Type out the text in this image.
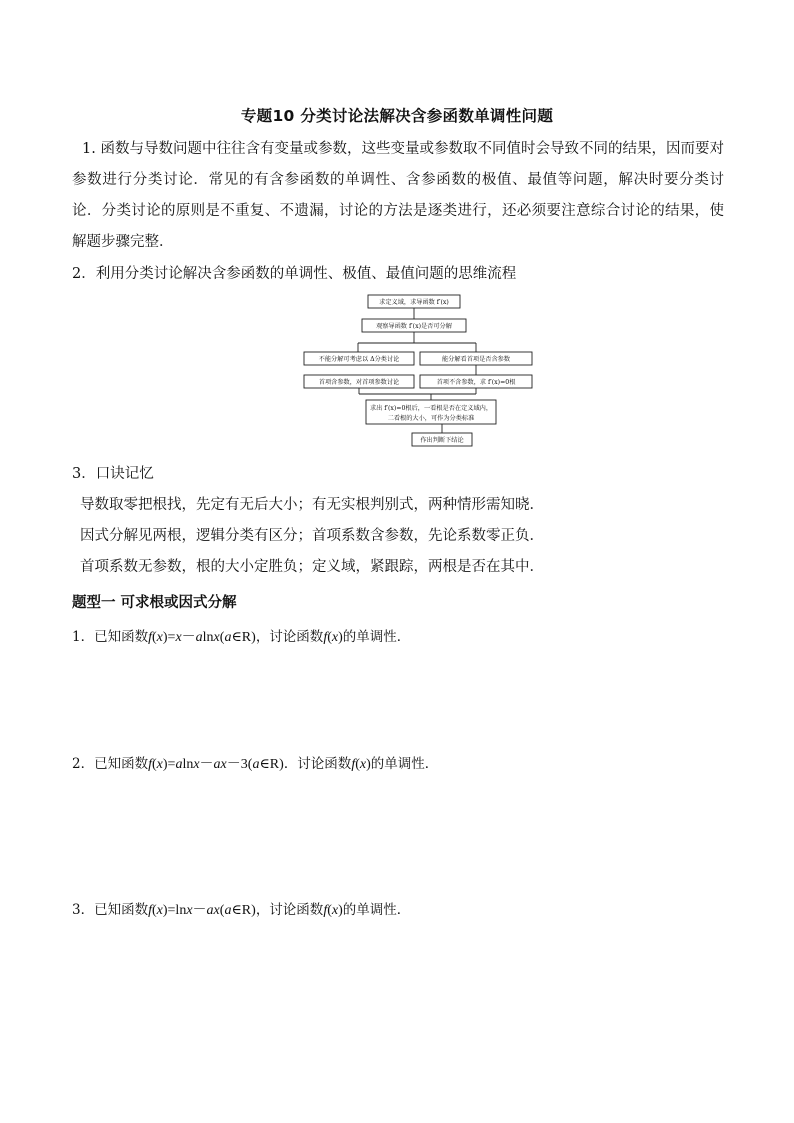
专题10 分类讨论法解决含参函数单调性问题
1. 函数与导数问题中往往含有变量或参数，这些变量或参数取不同值时会导致不同的结果，因而要对参数进行分类讨论．常见的有含参函数的单调性、含参函数的极值、最值等问题，解决时要分类讨论．分类讨论的原则是不重复、不遗漏，讨论的方法是逐类进行，还必须要注意综合讨论的结果，使解题步骤完整．
2．利用分类讨论解决含参函数的单调性、极值、最值问题的思维流程
求定义域，求导函数 f′(x)
观察导函数 f′(x)是否可分解
不能分解可考虑以 Δ分类讨论	能分解看首项是否含参数
首项含参数，对首项参数讨论	首项不含参数，求 f′(x)=0根
求出 f′(x)=0根后，一看根是否在定义域内，
二看根的大小，可作为分类标准
作出判断下结论
3．口诀记忆
导数取零把根找，先定有无后大小；有无实根判别式，两种情形需知晓．
因式分解见两根，逻辑分类有区分；首项系数含参数，先论系数零正负．
首项系数无参数，根的大小定胜负；定义域，紧跟踪，两根是否在其中．
题型一 可求根或因式分解
1．已知函数f(x)=x－alnx(a∈R)，讨论函数f(x)的单调性．
2．已知函数f(x)=alnx－ax－3(a∈R)．讨论函数f(x)的单调性．
3．已知函数f(x)=lnx－ax(a∈R)，讨论函数f(x)的单调性．
